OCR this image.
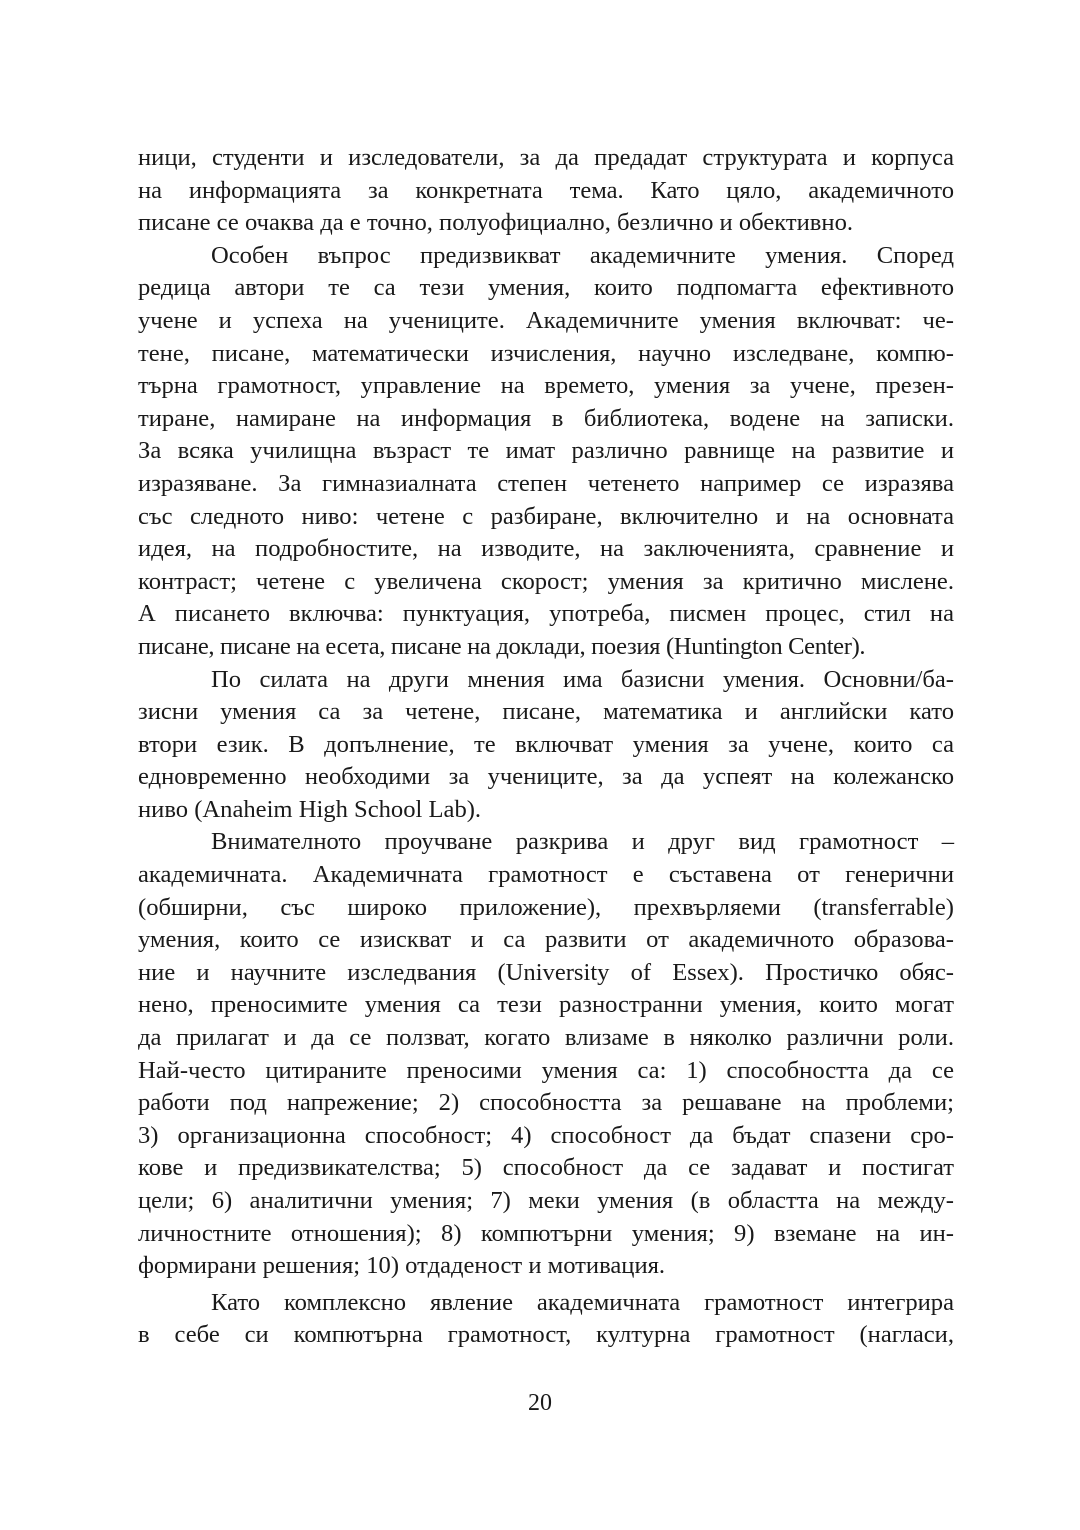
ници, студенти и изследователи, за да предадат структурата и корпуса
на информацията за конкретната тема. Като цяло, академичното
писане се очаква да е точно, полуофициално, безлично и обективно.

Особен въпрос предизвикват академичните умения. Според
редица автори те са тези умения, които подпомагта ефективното
учене и успеха на учениците. Академичните умения включват: че-
тене, писане, математически изчисления, научно изследване, компю-
търна грамотност, управление на времето, умения за учене, презен-
тиране, намиране на информация в библиотека, водене на записки.
За всяка училищна възраст те имат различно равнище на развитие и
изразяване. За гимназиалната степен четенето например се изразява
със следното ниво: четене с разбиране, включително и на основната
идея, на подробностите, на изводите, на заключенията, сравнение и
контраст; четене с увеличена скорост; умения за критично мислене.
А писането включва: пунктуация, употреба, писмен процес, стил на
писане, писане на есета, писане на доклади, поезия (Huntington Center).

По силата на други мнения има базисни умения. Основни/ба-
зисни умения са за четене, писане, математика и английски като
втори език. В допълнение, те включват умения за учене, които са
едновременно необходими за учениците, за да успеят на колежанско
ниво (Anaheim High School Lab).

Внимателното проучване разкрива и друг вид грамотност –
академичната. Академичната грамотност е съставена от генерични
(обширни, със широко приложение), прехвърляеми (transferrable)
умения, които се изискват и са развити от академичното образова-
ние и научните изследвания (University of Essex). Простичко обяс-
нено, преносимите умения са тези разностранни умения, които могат
да прилагат и да се ползват, когато влизаме в няколко различни роли.
Най-често цитираните преносими умения са: 1) способността да се
работи под напрежение; 2) способността за решаване на проблеми;
3) организационна способност; 4) способност да бъдат спазени сро-
кове и предизвикателства; 5) способност да се задават и постигат
цели; 6) аналитични умения; 7) меки умения (в областта на между-
личностните отношения); 8) компютърни умения; 9) вземане на ин-
формирани решения; 10) отдаденост и мотивация.

Като комплексно явление академичната грамотност интегрира
в себе си компютърна грамотност, културна грамотност (нагласи,

20
